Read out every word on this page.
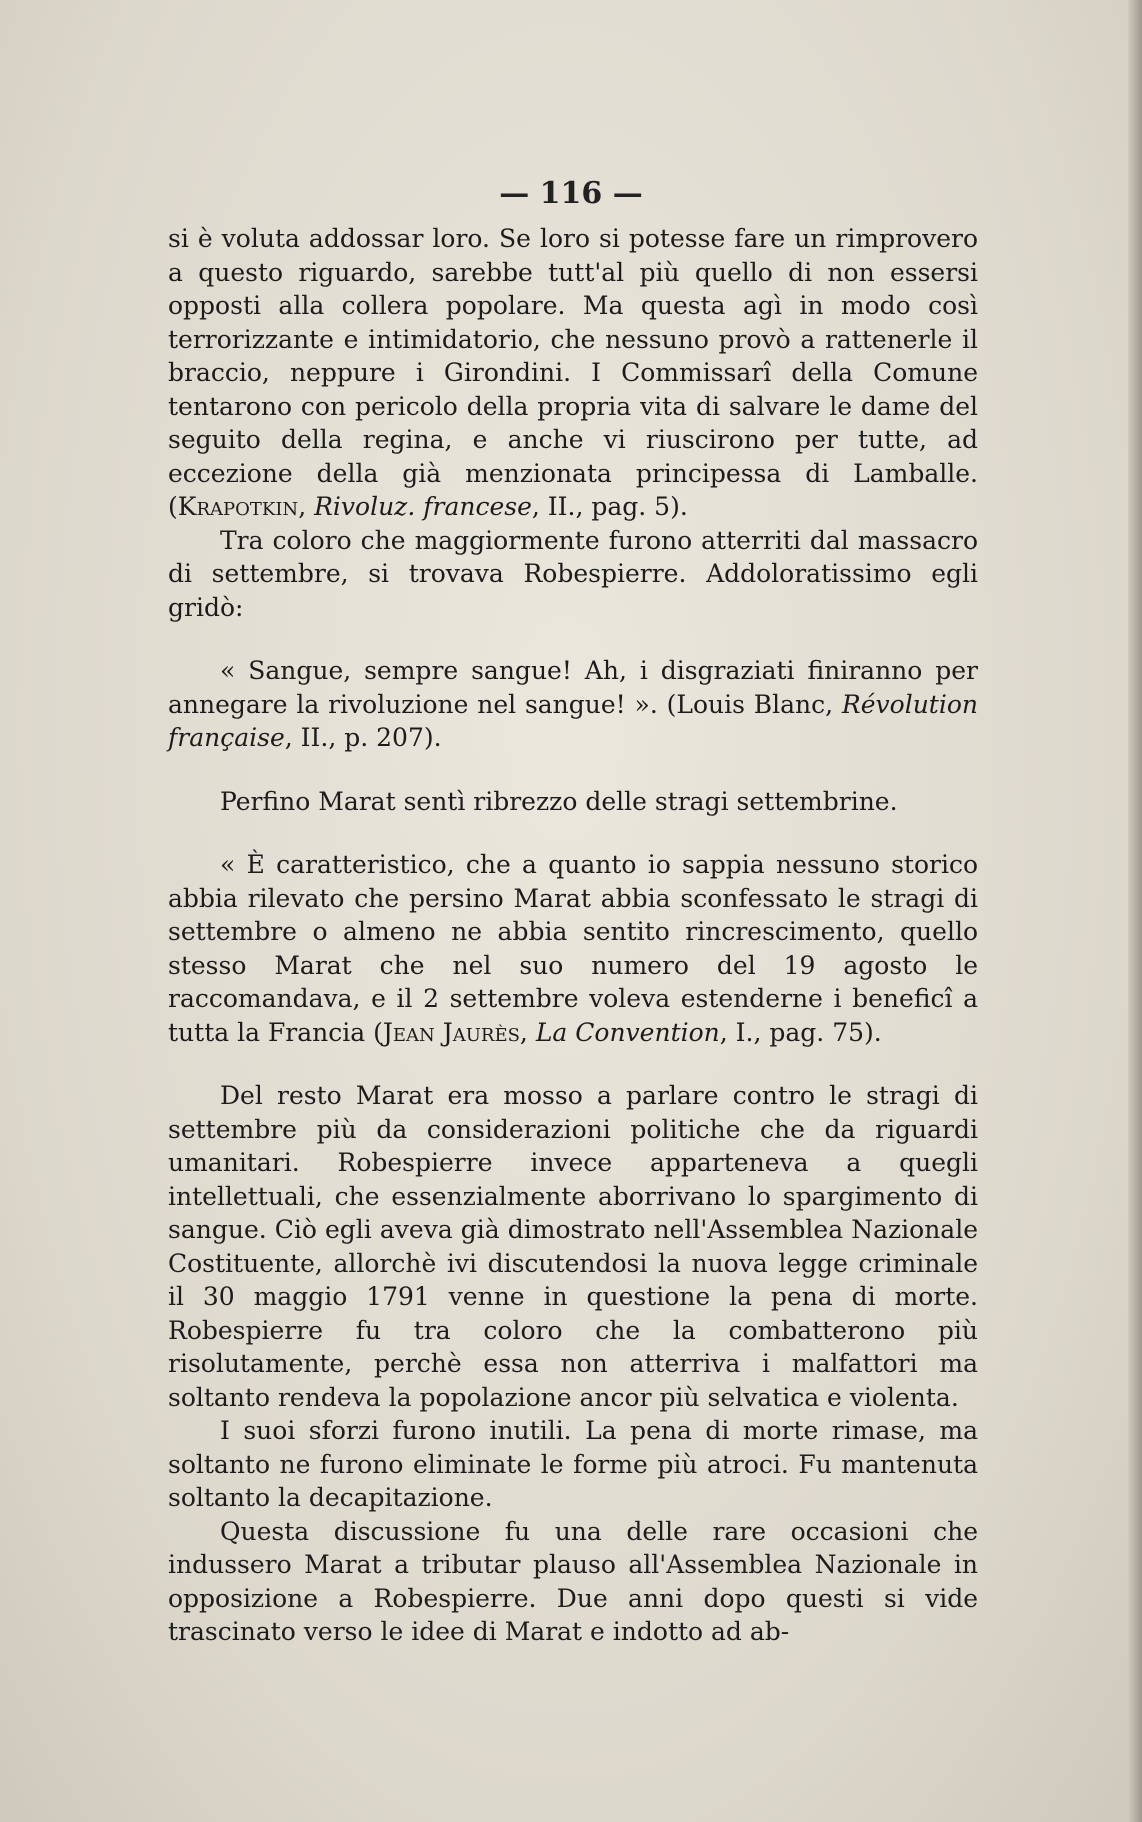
— 116 —

si è voluta addossar loro. Se loro si potesse fare un rimprovero a questo riguardo, sarebbe tutt'al più quello di non essersi opposti alla collera popolare. Ma questa agì in modo così terrorizzante e intimidatorio, che nessuno provò a rattenerle il braccio, neppure i Girondini. I Commissarî della Comune tentarono con pericolo della propria vita di salvare le dame del seguito della regina, e anche vi riuscirono per tutte, ad eccezione della già menzionata principessa di Lamballe. (Krapotkin, Rivoluz. francese, II., pag. 5).

Tra coloro che maggiormente furono atterriti dal massacro di settembre, si trovava Robespierre. Addoloratissimo egli gridò:

« Sangue, sempre sangue! Ah, i disgraziati finiranno per annegare la rivoluzione nel sangue! ». (Louis Blanc, Révolution française, II., p. 207).

Perfino Marat sentì ribrezzo delle stragi settembrine.

« È caratteristico, che a quanto io sappia nessuno storico abbia rilevato che persino Marat abbia sconfessato le stragi di settembre o almeno ne abbia sentito rincrescimento, quello stesso Marat che nel suo numero del 19 agosto le raccomandava, e il 2 settembre voleva estenderne i beneficî a tutta la Francia (Jean Jaurès, La Convention, I., pag. 75).

Del resto Marat era mosso a parlare contro le stragi di settembre più da considerazioni politiche che da riguardi umanitari. Robespierre invece apparteneva a quegli intellettuali, che essenzialmente aborrivano lo spargimento di sangue. Ciò egli aveva già dimostrato nell'Assemblea Nazionale Costituente, allorchè ivi discutendosi la nuova legge criminale il 30 maggio 1791 venne in questione la pena di morte. Robespierre fu tra coloro che la combatterono più risolutamente, perchè essa non atterriva i malfattori ma soltanto rendeva la popolazione ancor più selvatica e violenta.

I suoi sforzi furono inutili. La pena di morte rimase, ma soltanto ne furono eliminate le forme più atroci. Fu mantenuta soltanto la decapitazione.

Questa discussione fu una delle rare occasioni che indussero Marat a tributar plauso all'Assemblea Nazionale in opposizione a Robespierre. Due anni dopo questi si vide trascinato verso le idee di Marat e indotto ad ab-
